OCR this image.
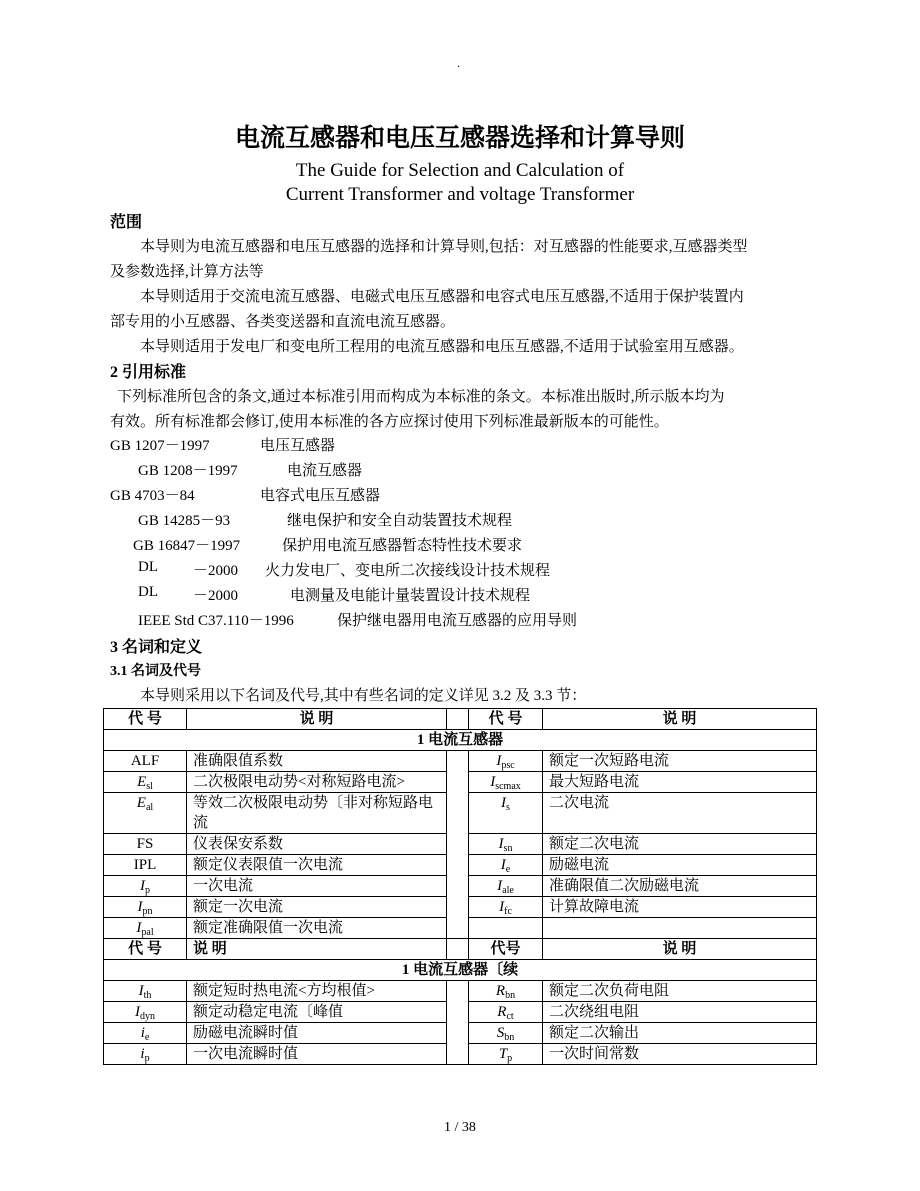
.
电流互感器和电压互感器选择和计算导则
The Guide for Selection and Calculation of
Current Transformer and voltage Transformer
范围
本导则为电流互感器和电压互感器的选择和计算导则,包括：对互感器的性能要求,互感器类型
及参数选择,计算方法等
本导则适用于交流电流互感器、电磁式电压互感器和电容式电压互感器,不适用于保护装置内
部专用的小互感器、各类变送器和直流电流互感器。
本导则适用于发电厂和变电所工程用的电流互感器和电压互感器,不适用于试验室用互感器。
2 引用标准
下列标准所包含的条文,通过本标准引用而构成为本标准的条文。本标准出版时,所示版本均为
有效。所有标准都会修订,使用本标准的各方应探讨使用下列标准最新版本的可能性。
GB 1207－1997	电压互感器
GB 1208－1997	电流互感器
GB 4703－84	电容式电压互感器
GB 14285－93	继电保护和安全自动装置技术规程
GB 16847－1997	保护用电流互感器暂态特性技术要求
DL －2000 火力发电厂、变电所二次接线设计技术规程
DL －2000	电测量及电能计量装置设计技术规程
IEEE Std C37.110－1996	保护继电器用电流互感器的应用导则
3 名词和定义
3.1 名词及代号
本导则采用以下名词及代号,其中有些名词的定义详见 3.2 及 3.3 节：
代 号	说 明		代 号	说 明
1 电流互感器				
ALF	准确限值系数		$I_{psc}$	额定一次短路电流
$E_{sl}$	二次极限电动势<对称短路电流>		$I_{scmax}$	最大短路电流
$E_{al}$	等效二次极限电动势〔非对称短路电流		$I_s$	二次电流
FS	仪表保安系数		$I_{sn}$	额定二次电流
IPL	额定仪表限值一次电流		$I_e$	励磁电流
$I_p$	一次电流		$I_{ale}$	准确限值二次励磁电流
$I_{pn}$	额定一次电流		$I_{fc}$	计算故障电流
$I_{pal}$	额定准确限值一次电流			
代 号	说 明		代号	说 明
1 电流互感器〔续				
$I_{th}$	额定短时热电流<方均根值>		$R_{bn}$	额定二次负荷电阻
$I_{dyn}$	额定动稳定电流〔峰值		$R_{ct}$	二次绕组电阻
$i_e$	励磁电流瞬时值		$S_{bn}$	额定二次输出
$i_p$	一次电流瞬时值		$T_p$	一次时间常数
1 / 38
